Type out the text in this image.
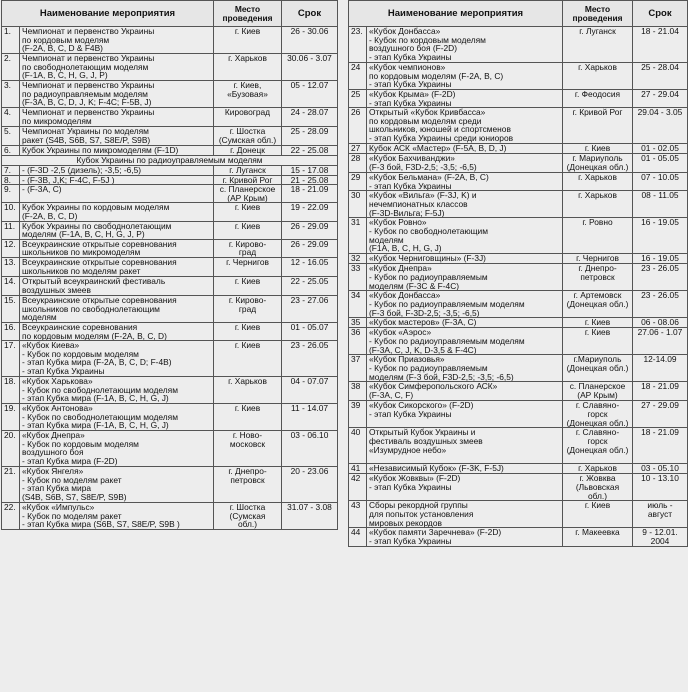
Наименование мероприятия		Место
проведения	Срок
1.	Чемпионат и первенство Украины
по кордовым моделям
(F-2A, B, C, D & F4B)	г. Киев	26 - 30.06

2.	Чемпионат и первенство Украины
по свободнолетающим моделям
(F-1A, B, C, H, G, J, P)	г. Харьков	30.06 - 3.07

3.	Чемпионат и первенство Украины
по радиоуправляемым моделям
(F-3A, B, C, D, J, K; F-4C; F-5B, J)	г. Киев,
«Бузовая»	05 - 12.07

4.	Чемпионат и первенство Украины
по микромоделям	Кировоград	24 - 28.07

5.	Чемпионат Украины по моделям
ракет (S4B, S6B, S7, S8E/P, S9B)	г. Шостка
(Сумская обл.)	25 - 28.09

6.	Кубок Украины по микромоделям (F-1D)	г. Донецк	22 - 25.08

Кубок Украины по радиоуправляемым моделям			
7.	- (F-3D -2,5 (дизель); -3,5; -6,5)	г. Луганск	15 - 17.08

8.	- (F-3B, J,K; F-4C, F-5J )	г. Кривой Рог	21 - 25.08

9.	- (F-3A, C)	с. Планерское
(АР Крым)	18 - 21.09

10.	Кубок Украины по кордовым моделям
(F-2A, B, C, D)	г. Киев	19 - 22.09

11.	Кубок Украины по свободнолетающим
моделям (F-1A, B, C, H, G, J, P)	г. Киев	26 - 29.09

12.	Всеукраинские открытые соревнования
школьников по микромоделям	г. Кирово-
град	26 - 29.09

13.	Всеукраинские открытые соревнования
школьников по моделям ракет	г. Чернигов	12 - 16.05

14.	Открытый всеукраинский фестиваль
воздушных змеев	г. Киев	22 - 25.05

15.	Всеукраинские открытые соревнования
школьников по свободнолетающим
моделям	г. Кирово-
град	23 - 27.06

16.	Всеукраинские соревнования
по кордовым моделям (F-2A, B, C, D)	г. Киев	01 - 05.07

17.	«Кубок Киева»
- Кубок по кордовым моделям
- этап Кубка мира (F-2A, B, C, D; F-4B)
- этап Кубка Украины	г. Киев	23 - 26.05

18.	«Кубок Харькова»
- Кубок по свободнолетающим моделям
- этап Кубка мира (F-1A, B, C, H, G, J)	г. Харьков	04 - 07.07

19.	«Кубок Антонова»
- Кубок по свободнолетающим моделям
- этап Кубка мира (F-1A, B, C, H, G, J)	г. Киев	11 - 14.07

20.	«Кубок Днепра»
- Кубок по кордовым моделям
воздушного боя
- этап Кубка мира (F-2D)	г. Ново-
московск	03 - 06.10

21.	«Кубок Янгеля»
- Кубок по моделям ракет
- этап Кубка мира
(S4B, S6B, S7, S8E/P, S9B)	г. Днепро-
петровск	20 - 23.06

22.	«Кубок «Импульс»
- Кубок по моделям ракет
- этап Кубка мира (S6B, S7, S8E/P, S9B )	г. Шостка
(Сумская
обл.)	31.07 - 3.08
Наименование мероприятия		Место
проведения	Срок
23.	«Кубок Донбасса»
- Кубок по кордовым моделям
воздушного боя (F-2D)
- этап Кубка Украины	г. Луганск	18 - 21.04

24	«Кубок чемпионов»
по кордовым моделям (F-2A, B, C)
- этап Кубка Украины	г. Харьков	25 - 28.04

25	«Кубок Крыма» (F-2D)
- этап Кубка Украины	г. Феодосия	27 - 29.04

26	Открытый «Кубок Кривбасса»
по кордовым моделям среди
школьников, юношей и спортсменов
- этап Кубка Украины среди юниоров	г. Кривой Рог	29.04 - 3.05

27	Кубок АСК «Мастер» (F-5A, B, D, J)	г. Киев	01 - 02.05

28	«Кубок Бахчиванджи»
(F-3 бой, F3D-2,5; -3,5; -6,5)	г. Мариуполь
(Донецкая обл.)	01 - 05.05

29	«Кубок Бельмана» (F-2A, B, C)
- этап Кубка Украины	г. Харьков	07 - 10.05

30	«Кубок «Вильга» (F-3J, K) и
нечемпионатных классов
(F-3D-Вильга; F-5J)	г. Харьков	08 - 11.05

31	«Кубок Ровно»
- Кубок по свободнолетающим
моделям
(F1A, B, C, H, G, J)	г. Ровно	16 - 19.05

32	«Кубок Черниговщины» (F-3J)	г. Чернигов	16 - 19.05

33	«Кубок Днепра»
- Кубок по радиоуправляемым
моделям (F-3C & F-4C)	г. Днепро-
петровск	23 - 26.05

34	«Кубок Донбасса»
- Кубок по радиоуправляемым моделям
(F-3 бой, F-3D-2,5; -3,5; -6,5)	г. Артемовск
(Донецкая обл.)	23 - 26.05

35	«Кубок мастеров» (F-3A, C)	г. Киев	06 - 08.06

36	«Кубок «Аэрос»
- Кубок по радиоуправляемым моделям
(F-3A, C, J, K, D-3,5 & F-4C)	г. Киев	27.06 - 1.07

37	«Кубок Приазовья»
- Кубок по радиоуправляемым
моделям (F-3 бой, F3D-2,5; -3,5; -6,5)	г.Мариуполь
(Донецкая обл.)	12-14.09

38	«Кубок Симферопольского АСК»
(F-3A, C, F)	с. Планерское
(АР Крым)	18 - 21.09

39	«Кубок Сикорского» (F-2D)
- этап Кубка Украины	г. Славяно-
горск
(Донецкая обл.)	27 - 29.09

40	Открытый Кубок Украины и
фестиваль воздушных змеев
«Изумрудное небо»	г. Славяно-
горск
(Донецкая обл.)	18 - 21.09

41	«Независимый Кубок» (F-3K, F-5J)	г. Харьков	03 - 05.10

42	«Кубок Жовквы» (F-2D)
- этап Кубка Украины	г. Жовква
(Львовская
обл.)	10 - 13.10

43	Сборы рекордной группы
для попыток установления
мировых рекордов	г. Киев	июль -
август

44	«Кубок памяти Заречнева» (F-2D)
- этап Кубка Украины	г. Макеевка	9 - 12.01.
2004
